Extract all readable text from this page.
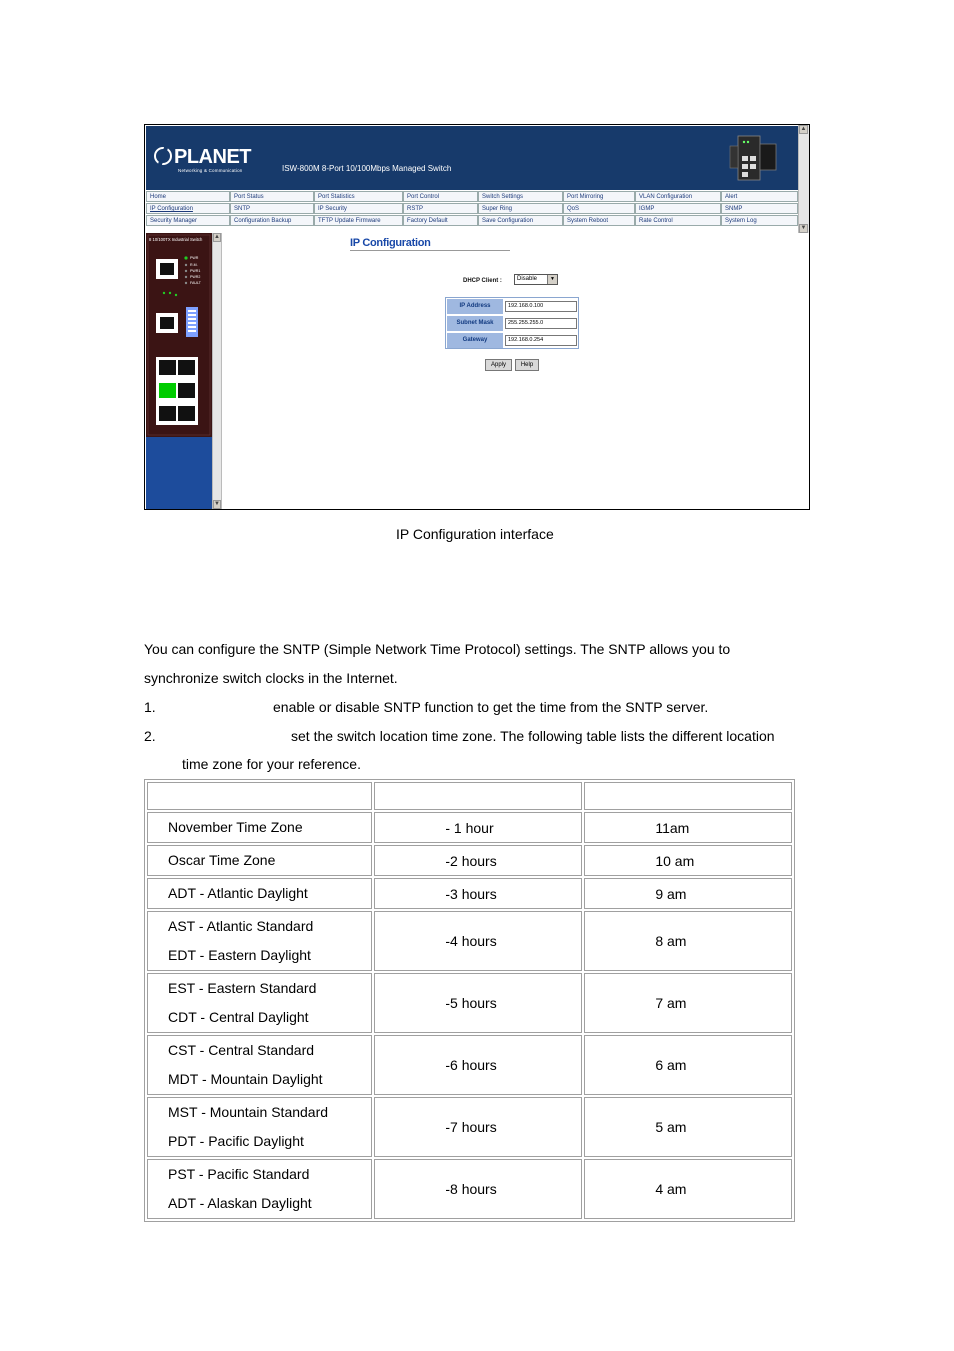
PLANET
Networking & Communication	ISW-800M 8-Port 10/100Mbps Managed Switch
▲
▼
Home	Port Status	Port Statistics	Port Control	Switch Settings	Port Mirroring	VLAN Configuration	Alert
IP Configuration	SNTP	IP Security	RSTP	Super Ring	QoS	IGMP	SNMP
Security Manager	Configuration Backup	TFTP Update Firmware	Factory Default	Save Configuration	System Reboot	Rate Control	System Log
8 10/100TX Industrial Switch
PWR
R.M.
PWR1
PWR2
FAULT
▲
▼
IP Configuration
DHCP Client :	Disable	▼
IP Address	192.168.0.100
Subnet Mask	255.255.255.0
Gateway	192.168.0.254
Apply	Help
IP Configuration interface
You can configure the SNTP (Simple Network Time Protocol) settings. The SNTP allows you to
synchronize switch clocks in the Internet.
1.	enable or disable SNTP function to get the time from the SNTP server.
2.	set the switch location time zone. The following table lists the different location
time zone for your reference.

November Time Zone	- 1 hour	11am

Oscar Time Zone	-2 hours	10 am

ADT - Atlantic Daylight	-3 hours	9 am

AST - Atlantic Standard
EDT - Eastern Daylight	-4 hours	8 am

EST - Eastern Standard
CDT - Central Daylight	-5 hours	7 am

CST - Central Standard
MDT - Mountain Daylight	-6 hours	6 am

MST - Mountain Standard
PDT - Pacific Daylight	-7 hours	5 am

PST - Pacific Standard
ADT - Alaskan Daylight	-8 hours	4 am
